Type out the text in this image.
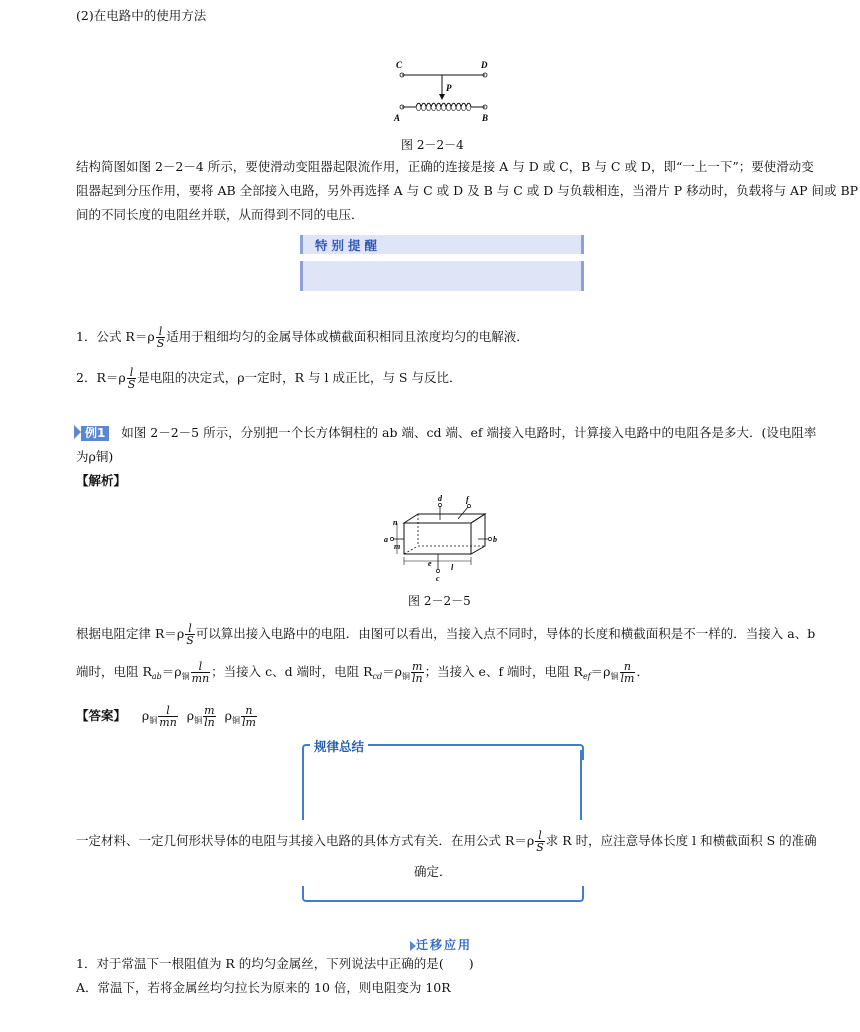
(2)在电路中的使用方法
C	D
P
A	B
图 2－2－4
结构简图如图 2－2－4 所示，要使滑动变阻器起限流作用，正确的连接是接 A 与 D 或 C，B 与 C 或 D，即“一上一下”；要使滑动变
阻器起到分压作用，要将 AB 全部接入电路，另外再选择 A 与 C 或 D 及 B 与 C 或 D 与负载相连，当滑片 P 移动时，负载将与 AP 间或 BP
间的不同长度的电阻丝并联，从而得到不同的电压．
特别提醒
1．公式 $R=\rho \frac{l}{S}$ 适用于粗细均匀的金属导体或横截面积相同且浓度均匀的电解液．
2．$R=\rho \frac{l}{S}$ 是电阻的决定式，ρ一定时，R 与 l 成正比，与 S 与反比．
例1 如图 2－2－5 所示，分别把一个长方体铜柱的 ab 端、cd 端、ef 端接入电路时，计算接入电路中的电阻各是多大．(设电阻率
为ρ铜)
【解析】
d	f
n
a
m
b
e l
c
图 2－2－5
根据电阻定律 $R=\rho \frac{l}{S}$ 可以算出接入电路中的电阻．由图可以看出，当接入点不同时，导体的长度和横截面积是不一样的．当接入 a、b
端时，电阻 $R_{ab}=\rho_铜 \frac{l}{mn}$ ；当接入 c、d 端时，电阻 $R_{cd}=\rho_铜 \frac{m}{\ln}$ ；当接入 e、f 端时，电阻 $R_{ef}=\rho_铜 \frac{n}{lm}$ ．
【答案】    $\rho_铜 \frac{l}{mn} \rho_铜 \frac{m}{\ln} \rho_铜 \frac{n}{lm}$
规律总结
一定材料、一定几何形状导体的电阻与其接入电路的具体方式有关．在用公式 $R=\rho \frac{l}{S}$ 求 R 时，应注意导体长度 l 和横截面积 S 的准确
确定．
迁移应用
1．对于常温下一根阻值为 R 的均匀金属丝，下列说法中正确的是(　　)
A．常温下，若将金属丝均匀拉长为原来的 10 倍，则电阻变为 10R
